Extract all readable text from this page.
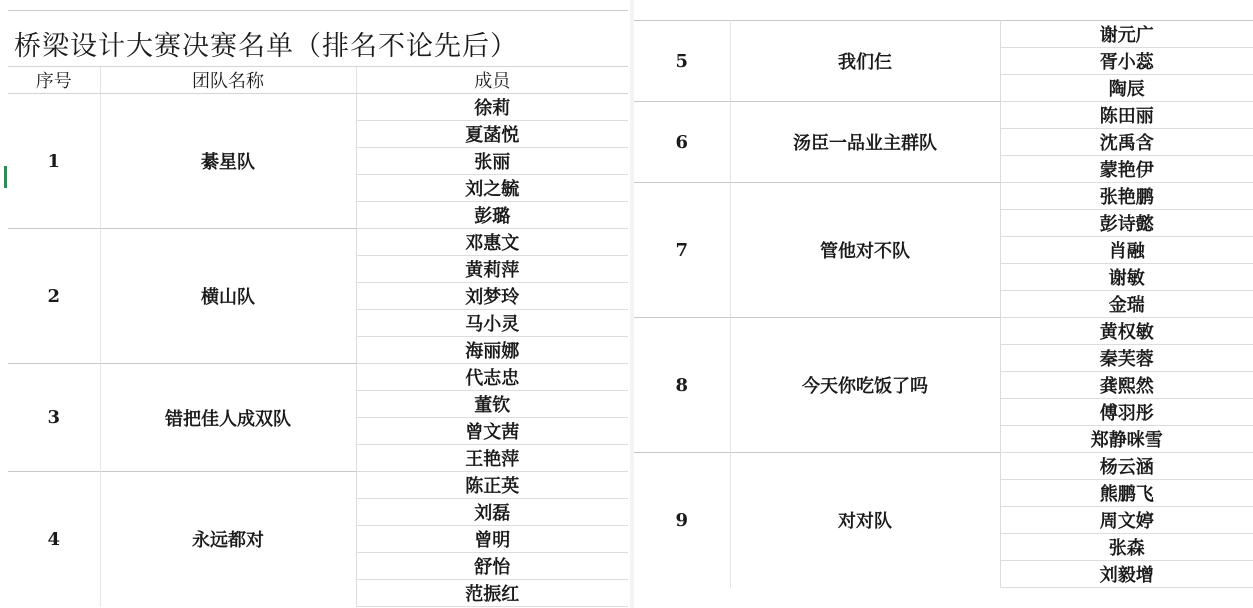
桥梁设计大赛决赛名单（排名不论先后）		
序号	团队名称	成员
1	綦星队	徐莉
		夏菡悦
		张丽
		刘之毓
		彭璐
2	横山队	邓惠文
		黄莉萍
		刘梦玲
		马小灵
		海丽娜
3	错把佳人成双队	代志忠
		董钦
		曾文茜
		王艳萍
4	永远都对	陈正英
		刘磊
		曾明
		舒怡
		范振红
5	我们仨	谢元广
		胥小蕊
		陶辰
6	汤臣一品业主群队	陈田丽
		沈禹含
		蒙艳伊
7	管他对不队	张艳鹏
		彭诗懿
		肖融
		谢敏
		金瑞
8	今天你吃饭了吗	黄权敏
		秦芙蓉
		龚熙然
		傅羽彤
		郑静咪雪
9	对对队	杨云涵
		熊鹏飞
		周文婷
		张森
		刘毅增
